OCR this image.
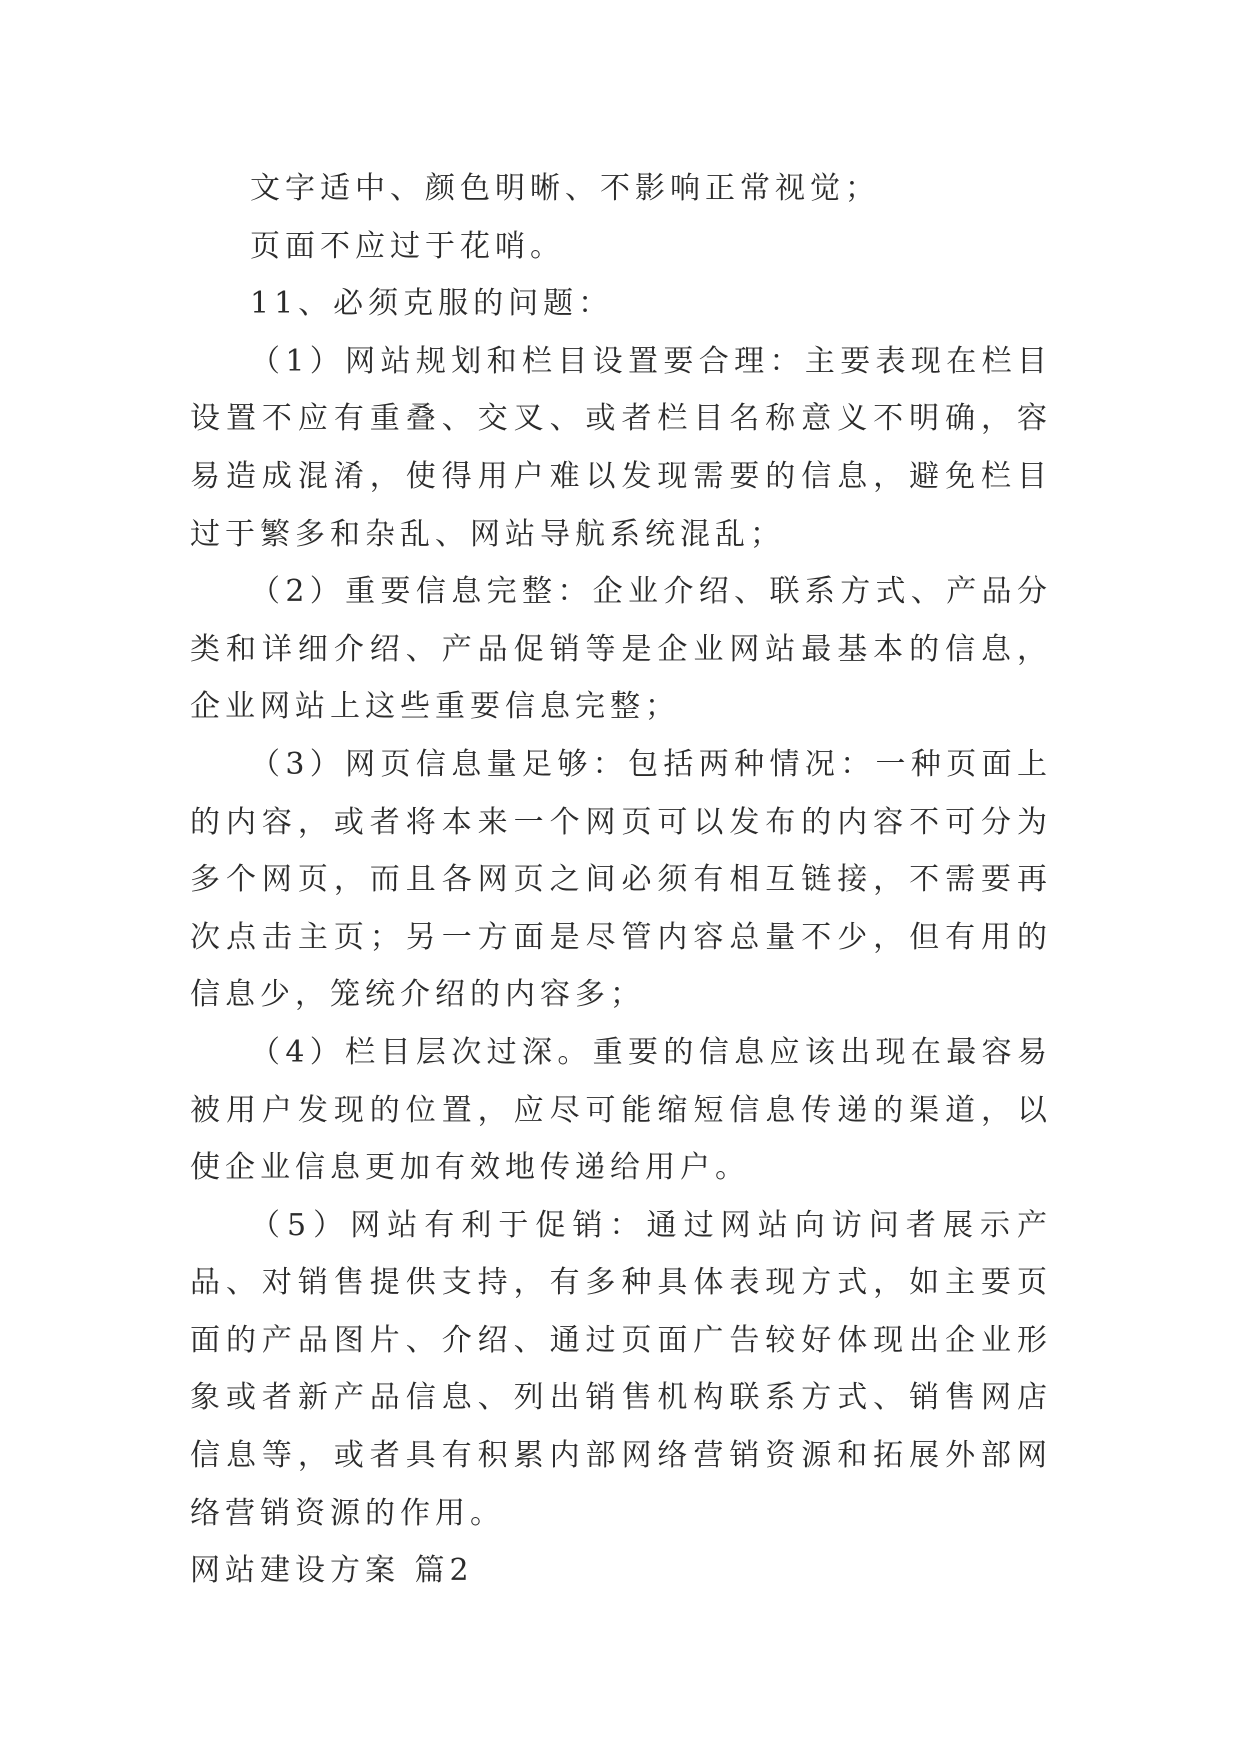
文字适中、颜色明晰、不影响正常视觉；

页面不应过于花哨。

11、必须克服的问题：

（1）网站规划和栏目设置要合理：主要表现在栏目设置不应有重叠、交叉、或者栏目名称意义不明确，容易造成混淆，使得用户难以发现需要的信息，避免栏目过于繁多和杂乱、网站导航系统混乱；

（2）重要信息完整：企业介绍、联系方式、产品分类和详细介绍、产品促销等是企业网站最基本的信息，企业网站上这些重要信息完整；

（3）网页信息量足够：包括两种情况：一种页面上的内容，或者将本来一个网页可以发布的内容不可分为多个网页，而且各网页之间必须有相互链接，不需要再次点击主页；另一方面是尽管内容总量不少，但有用的信息少，笼统介绍的内容多；

（4）栏目层次过深。重要的信息应该出现在最容易被用户发现的位置，应尽可能缩短信息传递的渠道，以使企业信息更加有效地传递给用户。

（5）网站有利于促销：通过网站向访问者展示产品、对销售提供支持，有多种具体表现方式，如主要页面的产品图片、介绍、通过页面广告较好体现出企业形象或者新产品信息、列出销售机构联系方式、销售网店信息等，或者具有积累内部网络营销资源和拓展外部网络营销资源的作用。

网站建设方案 篇2
